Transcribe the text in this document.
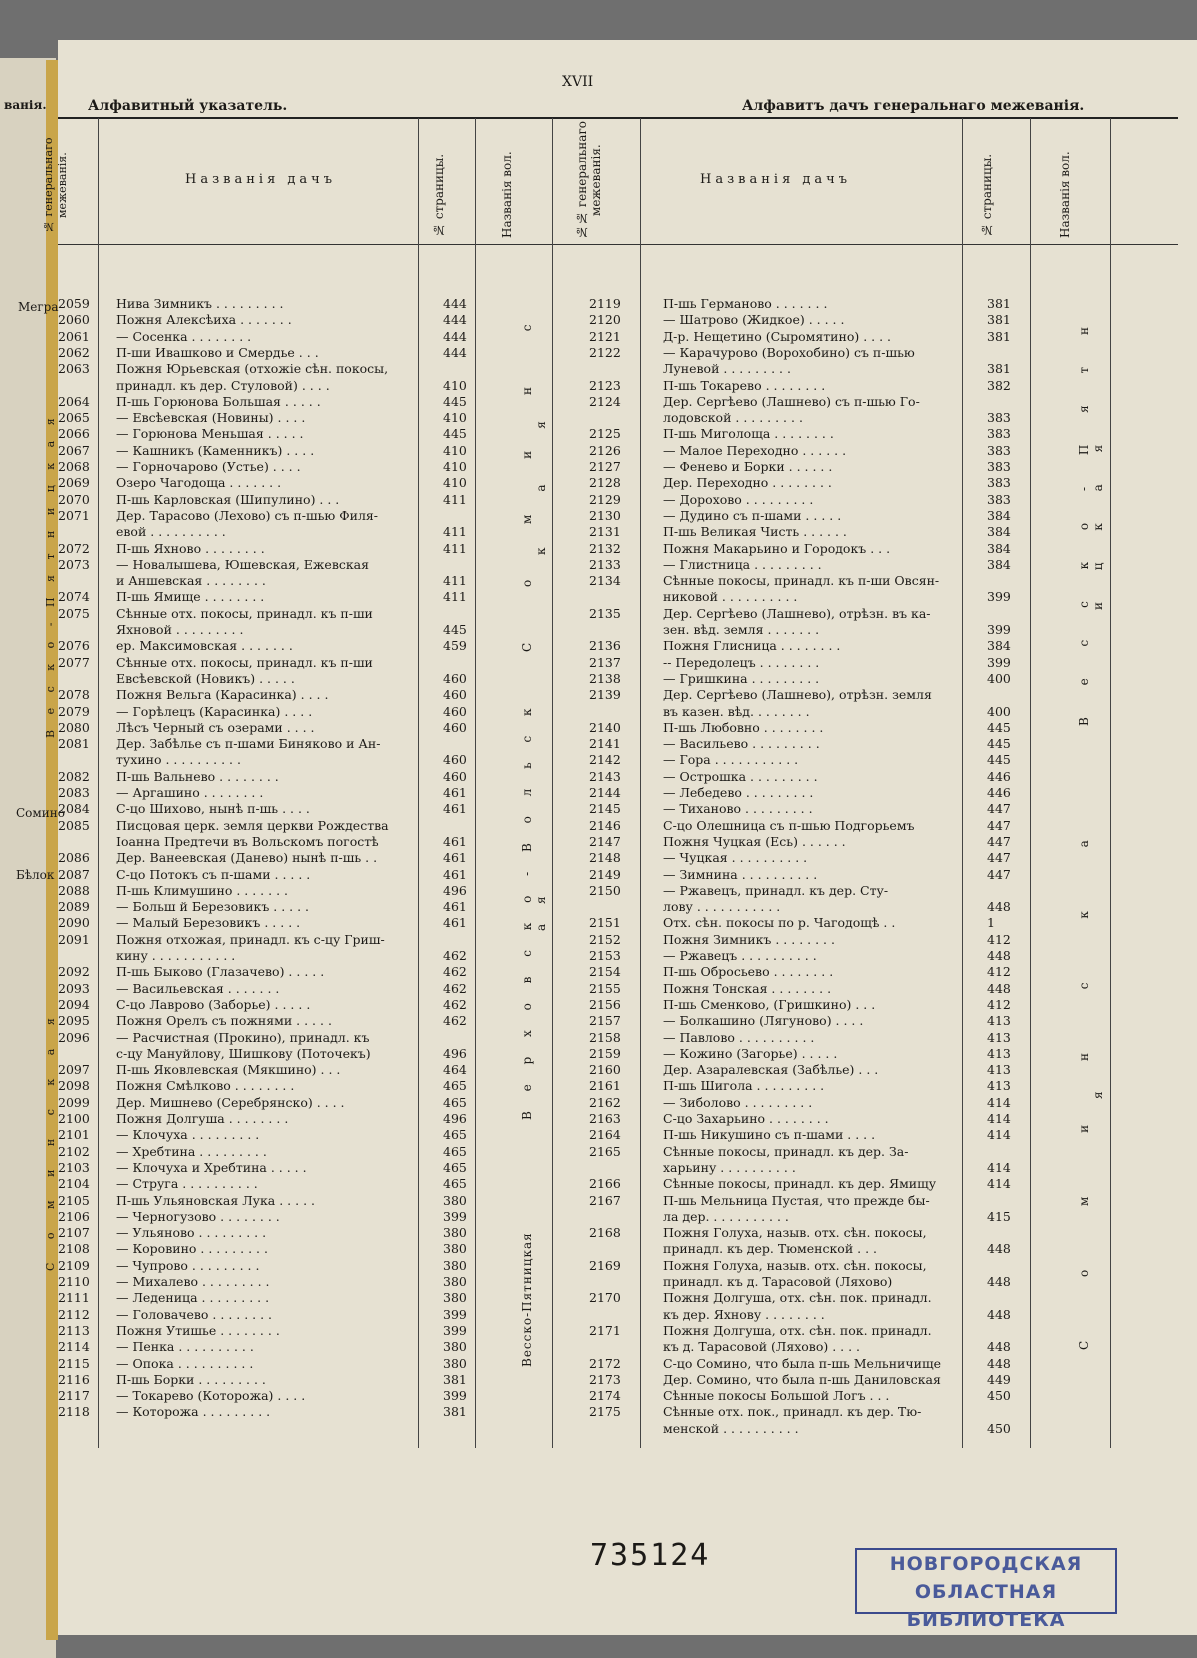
ванія.
Мегра
Сомино
Бѣлок
В е с к о - П я т н и ц к а я
С о м и н с к а я
XVII
Алфавитный указатель.	Алфавитъ дачъ генеральнаго межеванія.
№ генеральнаго межеванія.	Названія дачъ	№ страницы.	Названія вол.	№№ генеральнаго межеванія.	Названія дачъ	№ страницы.	Названія вол.
С о м и н с к а я
В е р х о в с к о - В о л ь с к а я
Весско-Пятницкая
В е с с к о - П я т н и ц к а я
С о м и н с к а я
2059 Нива Зимникъ . . . . . . . . .	444
2060 Пожня Алексѣиха . . . . . . .	444
2061 — Сосенка . . . . . . . .	444
2062 П-ши Ивашково и Смердье . . .	444
2063 Пожня Юрьевская (отхожіе сѣн. покосы,
принадл. къ дер. Стуловой) . . . .	410
2064 П-шь Горюнова Большая . . . . .	445
2065 — Евсѣевская (Новины) . . . .	410
2066 — Горюнова Меньшая . . . . .	445
2067 — Кашникъ (Каменникъ) . . . .	410
2068 — Горночарово (Устье) . . . .	410
2069 Озеро Чагодоща . . . . . . .	410
2070 П-шь Карловская (Шипулино) . . .	411
2071 Дер. Тарасово (Лехово) съ п-шью Филя-
евой . . . . . . . . . .	411
2072 П-шь Яхново . . . . . . . .	411
2073 — Новалышева, Юшевская, Ежевская
и Аншевская . . . . . . . .	411
2074 П-шь Ямище . . . . . . . .	411
2075 Сѣнные отх. покосы, принадл. къ п-ши
Яхновой . . . . . . . . .	445
2076 ер. Максимовская . . . . . . .	459
2077 Сѣнные отх. покосы, принадл. къ п-ши
Евсѣевской (Новикъ) . . . . .	460
2078 Пожня Вельга (Карасинка) . . . .	460
2079 — Горѣлецъ (Карасинка) . . . .	460
2080 Лѣсъ Черный съ озерами . . . .	460
2081 Дер. Забѣлье съ п-шами Биняково и Ан-
тухино . . . . . . . . . .	460
2082 П-шь Вальнево . . . . . . . .	460
2083 — Аргашино . . . . . . . .	461
2084 С-цо Шихово, нынѣ п-шь . . . .	461
2085 Писцовая церк. земля церкви Рождества
Іоанна Предтечи въ Вольскомъ погостѣ	461
2086 Дер. Ванеевская (Данево) нынѣ п-шь . .	461
2087 С-цо Потокъ съ п-шами . . . . .	461
2088 П-шь Климушино . . . . . . .	496
2089 — Больш й Березовикъ . . . . .	461
2090 — Малый Березовикъ . . . . .	461
2091 Пожня отхожая, принадл. къ с-цу Гриш-
кину . . . . . . . . . . .	462
2092 П-шь Быково (Глазачево) . . . . .	462
2093 — Васильевская . . . . . . .	462
2094 С-цо Лаврово (Заборье) . . . . .	462
2095 Пожня Орелъ съ пожнями . . . . .	462
2096 — Расчистная (Прокино), принадл. къ
с-цу Мануйлову, Шишкову (Поточекъ)	496
2097 П-шь Яковлевская (Мякшино) . . .	464
2098 Пожня Смѣлково . . . . . . . .	465
2099 Дер. Мишнево (Серебрянско) . . . .	465
2100 Пожня Долгуша . . . . . . . .	496
2101 — Клочуха . . . . . . . . .	465
2102 — Хребтина . . . . . . . . .	465
2103 — Клочуха и Хребтина . . . . .	465
2104 — Струга . . . . . . . . . .	465
2105 П-шь Ульяновская Лука . . . . .	380
2106 — Черногузово . . . . . . . .	399
2107 — Ульяново . . . . . . . . .	380
2108 — Коровино . . . . . . . . .	380
2109 — Чупрово . . . . . . . . .	380
2110 — Михалево . . . . . . . . .	380
2111 — Леденица . . . . . . . . .	380
2112 — Головачево . . . . . . . .	399
2113 Пожня Утишье . . . . . . . .	399
2114 — Пенка . . . . . . . . . .	380
2115 — Опока . . . . . . . . . .	380
2116 П-шь Борки . . . . . . . . .	381
2117 — Токарево (Которожа) . . . .	399
2118 — Которожа . . . . . . . . .	381
2119	П-шь Германово . . . . . . .	381
2120	— Шатрово (Жидкое) . . . . .	381
2121	Д-р. Нещетино (Сыромятино) . . . .	381
2122	— Карачурово (Ворохобино) съ п-шью
Луневой . . . . . . . . .	381
2123	П-шь Токарево . . . . . . . .	382
2124	Дер. Сергѣево (Лашнево) съ п-шью Го-
лодовской . . . . . . . . .	383
2125	П-шь Миголоща . . . . . . . .	383
2126	— Малое Переходно . . . . . .	383
2127	— Фенево и Борки . . . . . .	383
2128	Дер. Переходно . . . . . . . .	383
2129	— Дорохово . . . . . . . . .	383
2130	— Дудино съ п-шами . . . . .	384
2131	П-шь Великая Чисть . . . . . .	384
2132	Пожня Макарьино и Городокъ . . .	384
2133	— Глистница . . . . . . . . .	384
2134	Сѣнные покосы, принадл. къ п-ши Овсян-
никовой . . . . . . . . . .	399
2135	Дер. Сергѣево (Лашнево), отрѣзн. въ ка-
зен. вѣд. земля . . . . . . .	399
2136	Пожня Глисница . . . . . . . .	384
2137	-- Передолецъ . . . . . . . .	399
2138	— Гришкина . . . . . . . . .	400
2139	Дер. Сергѣево (Лашнево), отрѣзн. земля
въ казен. вѣд. . . . . . . .	400
2140	П-шь Любовно . . . . . . . .	445
2141	— Васильево . . . . . . . . .	445
2142	— Гора . . . . . . . . . . .	445
2143	— Острошка . . . . . . . . .	446
2144	— Лебедево . . . . . . . . .	446
2145	— Тиханово . . . . . . . . .	447
2146	С-цо Олешница съ п-шью Подгорьемъ	447
2147	Пожня Чуцкая (Есь) . . . . . .	447
2148	— Чуцкая . . . . . . . . . .	447
2149	— Зимнина . . . . . . . . . .	447
2150	— Ржавецъ, принадл. къ дер. Сту-
лову . . . . . . . . . . .	448
2151	Отх. сѣн. покосы по р. Чагодощѣ . .	1
2152	Пожня Зимникъ . . . . . . . .	412
2153	— Ржавецъ . . . . . . . . . .	448
2154	П-шь Обросьево . . . . . . . .	412
2155	Пожня Тонская . . . . . . . .	448
2156	П-шь Сменково, (Гришкино) . . .	412
2157	— Болкашино (Лягуново) . . . .	413
2158	— Павлово . . . . . . . . . .	413
2159	— Кожино (Загорье) . . . . .	413
2160	Дер. Азаралевская (Забѣлье) . . .	413
2161	П-шь Шигола . . . . . . . . .	413
2162	— Зиболово . . . . . . . . .	414
2163	С-цо Захарьино . . . . . . . .	414
2164	П-шь Никушино съ п-шами . . . .	414
2165	Сѣнные покосы, принадл. къ дер. За-
харьину . . . . . . . . . .	414
2166	Сѣнные покосы, принадл. къ дер. Ямищу	414
2167	П-шь Мельница Пустая, что прежде бы-
ла дер. . . . . . . . . . .	415
2168	Пожня Голуха, назыв. отх. сѣн. покосы,
принадл. къ дер. Тюменской . . .	448
2169	Пожня Голуха, назыв. отх. сѣн. покосы,
принадл. къ д. Тарасовой (Ляхово)	448
2170	Пожня Долгуша, отх. сѣн. пок. принадл.
къ дер. Яхнову . . . . . . . .	448
2171	Пожня Долгуша, отх. сѣн. пок. принадл.
къ д. Тарасовой (Ляхово) . . . .	448
2172	С-цо Сомино, что была п-шь Мельничище	448
2173	Дер. Сомино, что была п-шь Даниловская	449
2174	Сѣнные покосы Большой Логъ . . .	450
2175	Сѣнные отх. пок., принадл. къ дер. Тю-
менской . . . . . . . . . .	450
735124	НОВГОРОДСКАЯ
ОБЛАСТНАЯ БИБЛИОТЕКА
